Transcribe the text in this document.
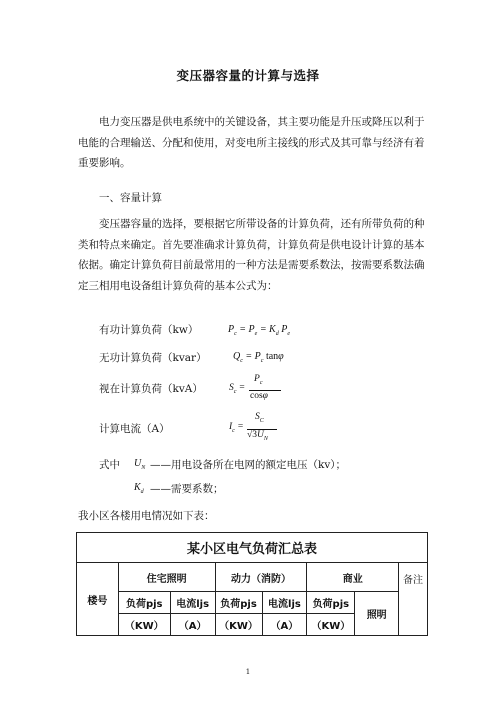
变压器容量的计算与选择

电力变压器是供电系统中的关键设备，其主要功能是升压或降压以利于电能的合理输送、分配和使用，对变电所主接线的形式及其可靠与经济有着重要影响。

一、容量计算

变压器容量的选择，要根据它所带设备的计算负荷，还有所带负荷的种类和特点来确定。首先要准确求计算负荷，计算负荷是供电设计计算的基本依据。确定计算负荷目前最常用的一种方法是需要系数法，按需要系数法确定三相用电设备组计算负荷的基本公式为：

有功计算负荷（kw）	$P_c = P_e = K_d$ $P_e$
无功计算负荷（kvar）	$Q_c = P_c$ tanφ
视在计算负荷（kvA）	$S_c$ =
$P_c$
cosφ
计算电流（A）	$I_c$ =
$S_C$
$√3U_N$
式中 $U_N$ ——用电设备所在电网的额定电压（kv）；
$K_d$ ——需要系数；
我小区各楼用电情况如下表：
某小区电气负荷汇总表							
楼号	住宅照明		动力（消防）		商业		备注
	负荷pjs	电流ljs	负荷pjs	电流ljs	负荷pjs	照明	
	（KW）	（A）	（KW）	（A）	（KW）		
1
